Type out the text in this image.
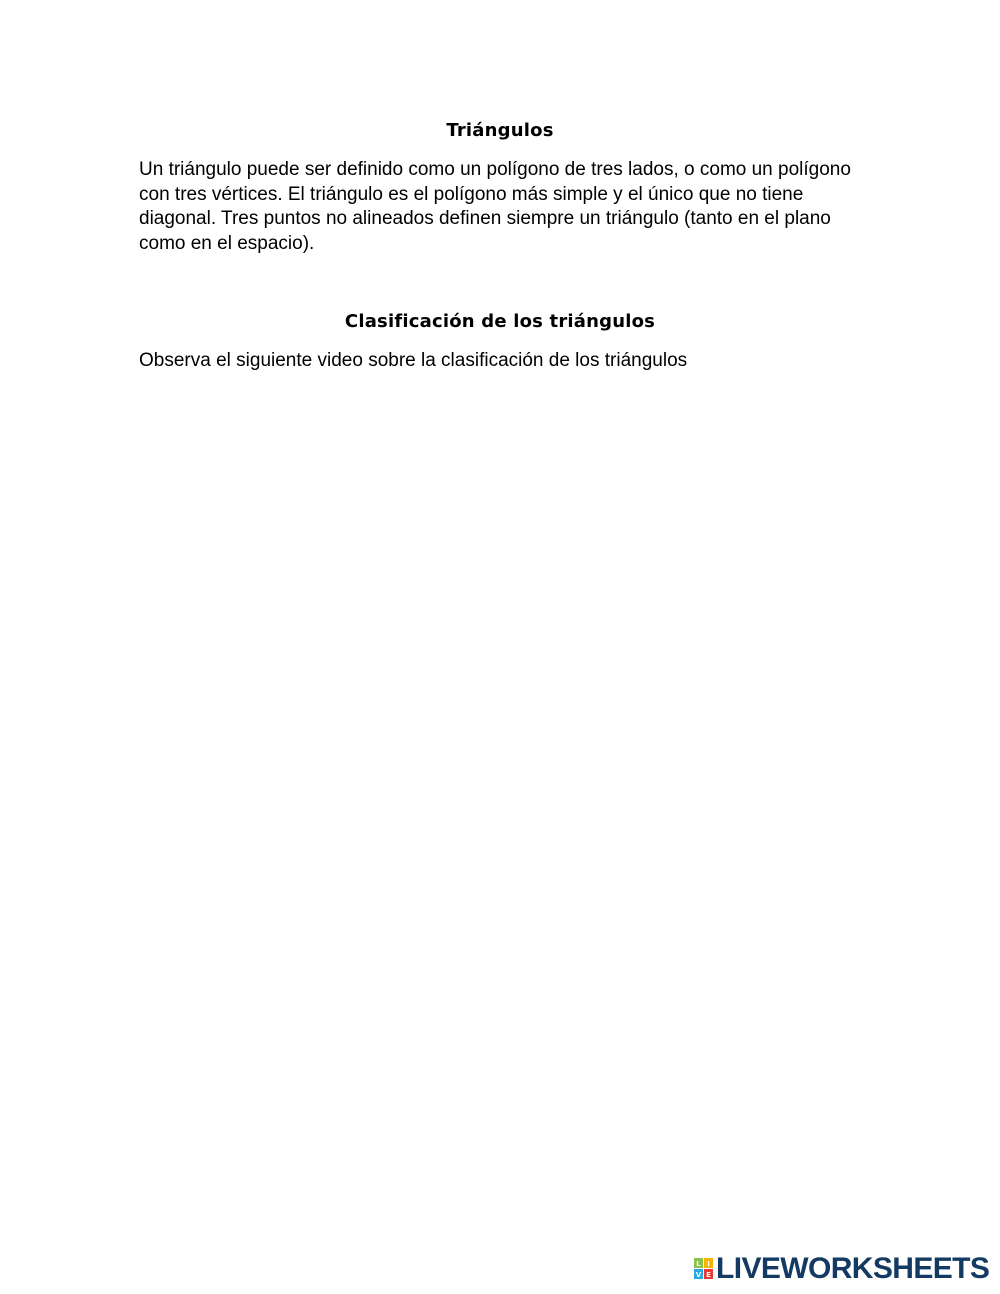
Triángulos

Un triángulo puede ser definido como un polígono de tres lados, o como un polígono con tres vértices. El triángulo es el polígono más simple y el único que no tiene diagonal. Tres puntos no alineados definen siempre un triángulo (tanto en el plano como en el espacio).

Clasificación de los triángulos

Observa el siguiente video sobre la clasificación de los triángulos

L I
V E LIVEWORKSHEETS
